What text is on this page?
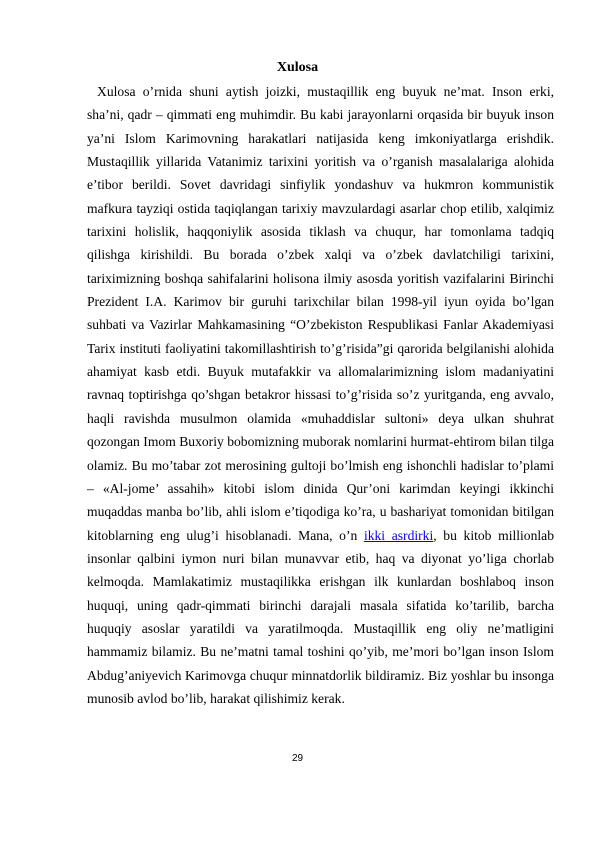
Xulosa

Xulosa o’rnida shuni aytish joizki, mustaqillik eng buyuk ne’mat. Inson erki, sha’ni, qadr – qimmati eng muhimdir. Bu kabi jarayonlarni orqasida bir buyuk inson ya’ni Islom Karimovning harakatlari natijasida keng imkoniyatlarga erishdik. Mustaqillik yillarida Vatanimiz tarixini yoritish va o’rganish masalalariga alohida e’tibor berildi. Sovet davridagi sinfiylik yondashuv va hukmron kommunistik mafkura tayziqi ostida taqiqlangan tarixiy mavzulardagi asarlar chop etilib, xalqimiz tarixini holislik, haqqoniylik asosida tiklash va chuqur, har tomonlama tadqiq qilishga kirishildi. Bu borada o’zbek xalqi va o’zbek davlatchiligi tarixini, tariximizning boshqa sahifalarini holisona ilmiy asosda yoritish vazifalarini Birinchi Prezident I.A. Karimov bir guruhi tarixchilar bilan 1998-yil iyun oyida bo’lgan suhbati va Vazirlar Mahkamasining “O’zbekiston Respublikasi Fanlar Akademiyasi Tarix instituti faoliyatini takomillashtirish to’g’risida”gi qarorida belgilanishi alohida ahamiyat kasb etdi. Buyuk mutafakkir va allomalarimizning islom madaniyatini ravnaq toptirishga qo’shgan betakror hissasi to’g’risida so’z yuritganda, eng avvalo, haqli ravishda musulmon olamida «muhaddislar sultoni» deya ulkan shuhrat qozongan Imom Buxoriy bobomizning muborak nomlarini hurmat-ehtirom bilan tilga olamiz. Bu mo’tabar zot merosining gultoji bo’lmish eng ishonchli hadislar to’plami – «Al-jome’ assahih» kitobi islom dinida Qur’oni karimdan keyingi ikkinchi muqaddas manba bo’lib, ahli islom e’tiqodiga ko’ra, u bashariyat tomonidan bitilgan kitoblarning eng ulug’i hisoblanadi. Mana, o’n ikki asrdirki, bu kitob millionlab insonlar qalbini iymon nuri bilan munavvar etib, haq va diyonat yo’liga chorlab kelmoqda. Mamlakatimiz mustaqilikka erishgan ilk kunlardan boshlaboq inson huquqi, uning qadr-qimmati birinchi darajali masala sifatida ko’tarilib, barcha huquqiy asoslar yaratildi va yaratilmoqda. Mustaqillik eng oliy ne’matligini hammamiz bilamiz. Bu ne’matni tamal toshini qo’yib, me’mori bo’lgan inson Islom Abdug’aniyevich Karimovga chuqur minnatdorlik bildiramiz. Biz yoshlar bu insonga munosib avlod bo’lib, harakat qilishimiz kerak.

29
